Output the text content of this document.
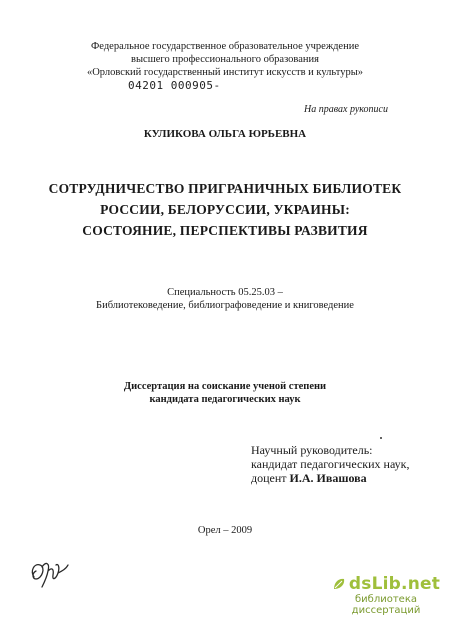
Федеральное государственное образовательное учреждение
высшего профессионального образования
«Орловский государственный институт искусств и культуры»
04201 000905-
На правах рукописи
КУЛИКОВА ОЛЬГА ЮРЬЕВНА
СОТРУДНИЧЕСТВО ПРИГРАНИЧНЫХ БИБЛИОТЕК
РОССИИ, БЕЛОРУССИИ, УКРАИНЫ:
СОСТОЯНИЕ, ПЕРСПЕКТИВЫ РАЗВИТИЯ
Специальность 05.25.03 –
Библиотековедение, библиографоведение и книговедение
Диссертация на соискание ученой степени
кандидата педагогических наук
Научный руководитель:
кандидат педагогических наук,
доцент И.А. Ивашова
Орел – 2009
dsLib.net
библиотека диссертаций
